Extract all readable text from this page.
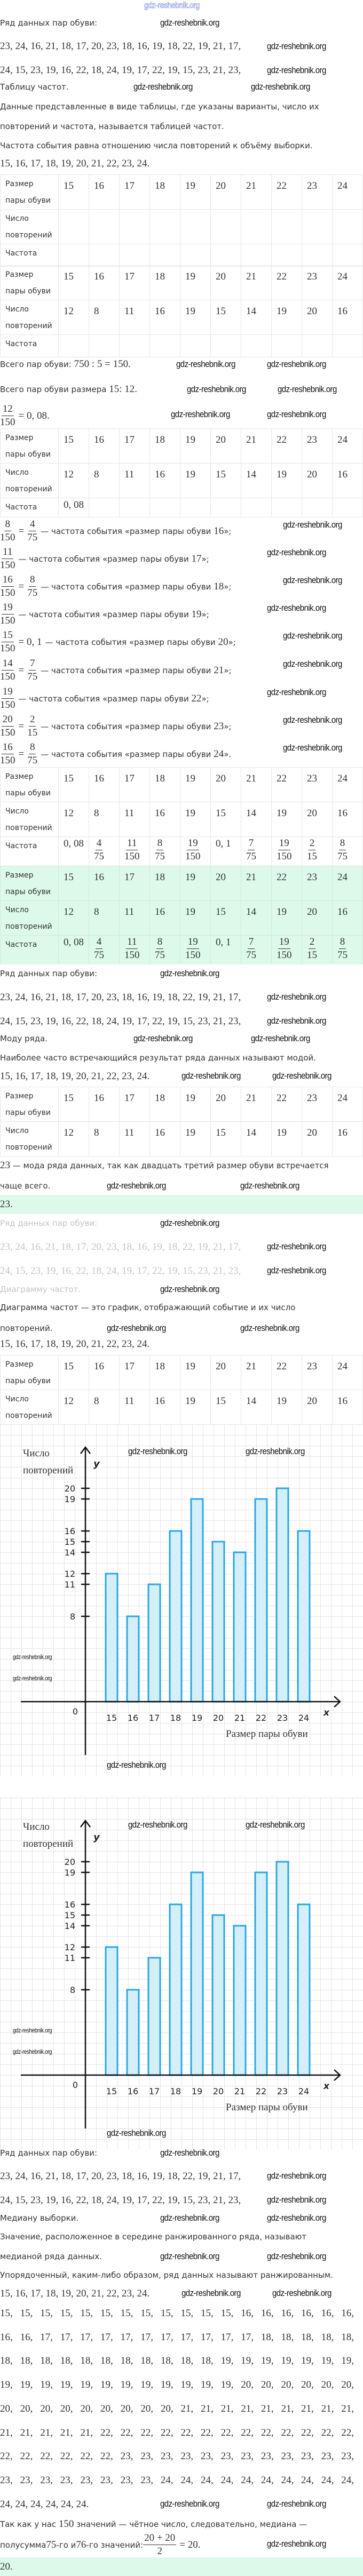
Ряд данных пар обуви:
23, 24, 16, 21, 18, 17, 20, 23, 18, 16, 19, 18, 22, 19, 21, 17,
24, 15, 23, 19, 16, 22, 18, 24, 19, 17, 22, 19, 15, 23, 21, 23,
Таблицу частот.
Данные представленные в виде таблицы, где указаны варианты, число их
повторений и частота, называется таблицей частот.
Частота события равна отношению числа повторений к объёму выборки.
15, 16, 17, 18, 19, 20, 21, 22, 23, 24.
Размер
пары обуви	15	16	17	18	19	20	21	22	23	24
Число
повторений										
Частота										
Размер
пары обуви	15	16	17	18	19	20	21	22	23	24
Число
повторений	12	8	11	16	19	15	14	19	20	16
Частота										
Всего пар обуви: 750 : 5 = 150.
Всего пар обуви размера 15: 12.
$\frac{12}{150} = 0$, 08.
Размер
пары обуви	15	16	17	18	19	20	21	22	23	24
Число
повторений	12	8	11	16	19	15	14	19	20	16
Частота	0, 08									
$\frac{8}{150} = \frac{4}{75}$ — частота события «размер пары обуви 16»;
$\frac{11}{150}$ — частота события «размер пары обуви 17»;
$\frac{16}{150} = \frac{8}{75}$ — частота события «размер пары обуви 18»;
$\frac{19}{150}$ — частота события «размер пары обуви 19»;
$\frac{15}{150} = 0$, 1 — частота события «размер пары обуви 20»;
$\frac{14}{150} = \frac{7}{75}$ — частота события «размер пары обуви 21»;
$\frac{19}{150}$ — частота события «размер пары обуви 22»;
$\frac{20}{150} = \frac{2}{15}$ — частота события «размер пары обуви 23»;
$\frac{16}{150} = \frac{8}{75}$ — частота события «размер пары обуви 24».
Размер
пары обуви	15	16	17	18	19	20	21	22	23	24
Число
повторений	12	8	11	16	19	15	14	19	20	16
Частота	0, 08	$\frac{4}{75}$	$\frac{11}{150}$	$\frac{8}{75}$	$\frac{19}{150}$	0, 1	$\frac{7}{75}$	$\frac{19}{150}$	$\frac{2}{15}$	$\frac{8}{75}$
Размер
пары обуви	15	16	17	18	19	20	21	22	23	24
Число
повторений	12	8	11	16	19	15	14	19	20	16
Частота	0, 08	$\frac{4}{75}$	$\frac{11}{150}$	$\frac{8}{75}$	$\frac{19}{150}$	0, 1	$\frac{7}{75}$	$\frac{19}{150}$	$\frac{2}{15}$	$\frac{8}{75}$
Ряд данных пар обуви:
23, 24, 16, 21, 18, 17, 20, 23, 18, 16, 19, 18, 22, 19, 21, 17,
24, 15, 23, 19, 16, 22, 18, 24, 19, 17, 22, 19, 15, 23, 21, 23,
Моду ряда.
Наиболее часто встречающийся результат ряда данных называют модой.
15, 16, 17, 18, 19, 20, 21, 22, 23, 24.
Размер
пары обуви	15	16	17	18	19	20	21	22	23	24
Число
повторений	12	8	11	16	19	15	14	19	20	16
23 — мода ряда данных, так как двадцать третий размер обуви встречается
чаще всего.
23.
Ряд данных пар обуви:
23, 24, 16, 21, 18, 17, 20, 23, 18, 16, 19, 18, 22, 19, 21, 17,
24, 15, 23, 19, 16, 22, 18, 24, 19, 17, 22, 19, 15, 23, 21, 23,
Диаграмму частот.
Диаграмма частот — это график, отображающий событие и их число
повторений.
15, 16, 17, 18, 19, 20, 21, 22, 23, 24.
Размер
пары обуви	15	16	17	18	19	20	21	22	23	24
Число
повторений	12	8	11	16	19	15	14	19	20	16
15 16 17 18 19 20 21 22 23 24
8
11
12
14
15
16
19
20
0
y
x
Число
повторений
Размер пары обуви
15 16 17 18 19 20 21 22 23 24
8
11
12
14
15
16
19
20
0
y
x
Число
повторений
Размер пары обуви
Ряд данных пар обуви:
23, 24, 16, 21, 18, 17, 20, 23, 18, 16, 19, 18, 22, 19, 21, 17,
24, 15, 23, 19, 16, 22, 18, 24, 19, 17, 22, 19, 15, 23, 21, 23,
Медиану выборки.
Значение, расположенное в середине ранжированного ряда, называют
медианой ряда данных.
Упорядоченный, каким-либо образом, ряд данных называют ранжированным.
15, 16, 17, 18, 19, 20, 21, 22, 23, 24.
15, 15, 15, 15, 15, 15, 15, 15, 15, 15, 15, 15, 16, 16, 16, 16, 16, 16,
16, 16, 17, 17, 17, 17, 17, 17, 17, 17, 17, 17, 17, 18, 18, 18, 18, 18,
18, 18, 18, 18, 18, 18, 18, 18, 18, 18, 18, 19, 19, 19, 19, 19, 19, 19,
19, 19, 19, 19, 19, 19, 19, 19, 19, 19, 19, 19, 20, 20, 20, 20, 20, 20,
20, 20, 20, 20, 20, 20, 20, 20, 20, 21, 21, 21, 21, 21, 21, 21, 21, 21,
21, 21, 21, 21, 21, 22, 22, 22, 22, 22, 22, 22, 22, 22, 22, 22, 22, 22,
22, 22, 22, 22, 22, 22, 23, 23, 23, 23, 23, 23, 23, 23, 23, 23, 23, 23,
23, 23, 23, 23, 23, 23, 23, 23, 24, 24, 24, 24, 24, 24, 24, 24, 24, 24,
24, 24, 24, 24, 24, 24.
Так как у нас 150 значений — чётное число, следовательно, медиана —
полусумма 75 -го и 76 -го значений: $\frac{20 + 20}{2} = 20$.
20.
gdz-reshebnik.org
gdz-reshebnik.org
gdz-reshebnik.org
gdz-reshebnik.org
gdz-reshebnik.org	gdz-reshebnik.org
gdz-reshebnik.org	gdz-reshebnik.org
gdz-reshebnik.org	gdz-reshebnik.org
gdz-reshebnik.org	gdz-reshebnik.org
gdz-reshebnik.org
gdz-reshebnik.org
gdz-reshebnik.org
gdz-reshebnik.org
gdz-reshebnik.org
gdz-reshebnik.org
gdz-reshebnik.org
gdz-reshebnik.org
gdz-reshebnik.org
gdz-reshebnik.org
gdz-reshebnik.org
gdz-reshebnik.org
gdz-reshebnik.org	gdz-reshebnik.org
gdz-reshebnik.org	gdz-reshebnik.org
gdz-reshebnik.org	gdz-reshebnik.org
gdz-reshebnik.org
gdz-reshebnik.org
gdz-reshebnik.org
gdz-reshebnik.org
gdz-reshebnik.org	gdz-reshebnik.org
gdz-reshebnik.org	gdz-reshebnik.org
gdz-reshebnik.org
gdz-reshebnik.org	gdz-reshebnik.org
gdz-reshebnik.org
gdz-reshebnik.org
gdz-reshebnik.org
gdz-reshebnik.org
gdz-reshebnik.org	gdz-reshebnik.org
gdz-reshebnik.org	gdz-reshebnik.org
gdz-reshebnik.org	gdz-reshebnik.org
gdz-reshebnik.org	gdz-reshebnik.org
gdz-reshebnik.org
gdz-reshebnik.org
gdz-reshebnik.org
gdz-reshebnik.org
gdz-reshebnik.org
